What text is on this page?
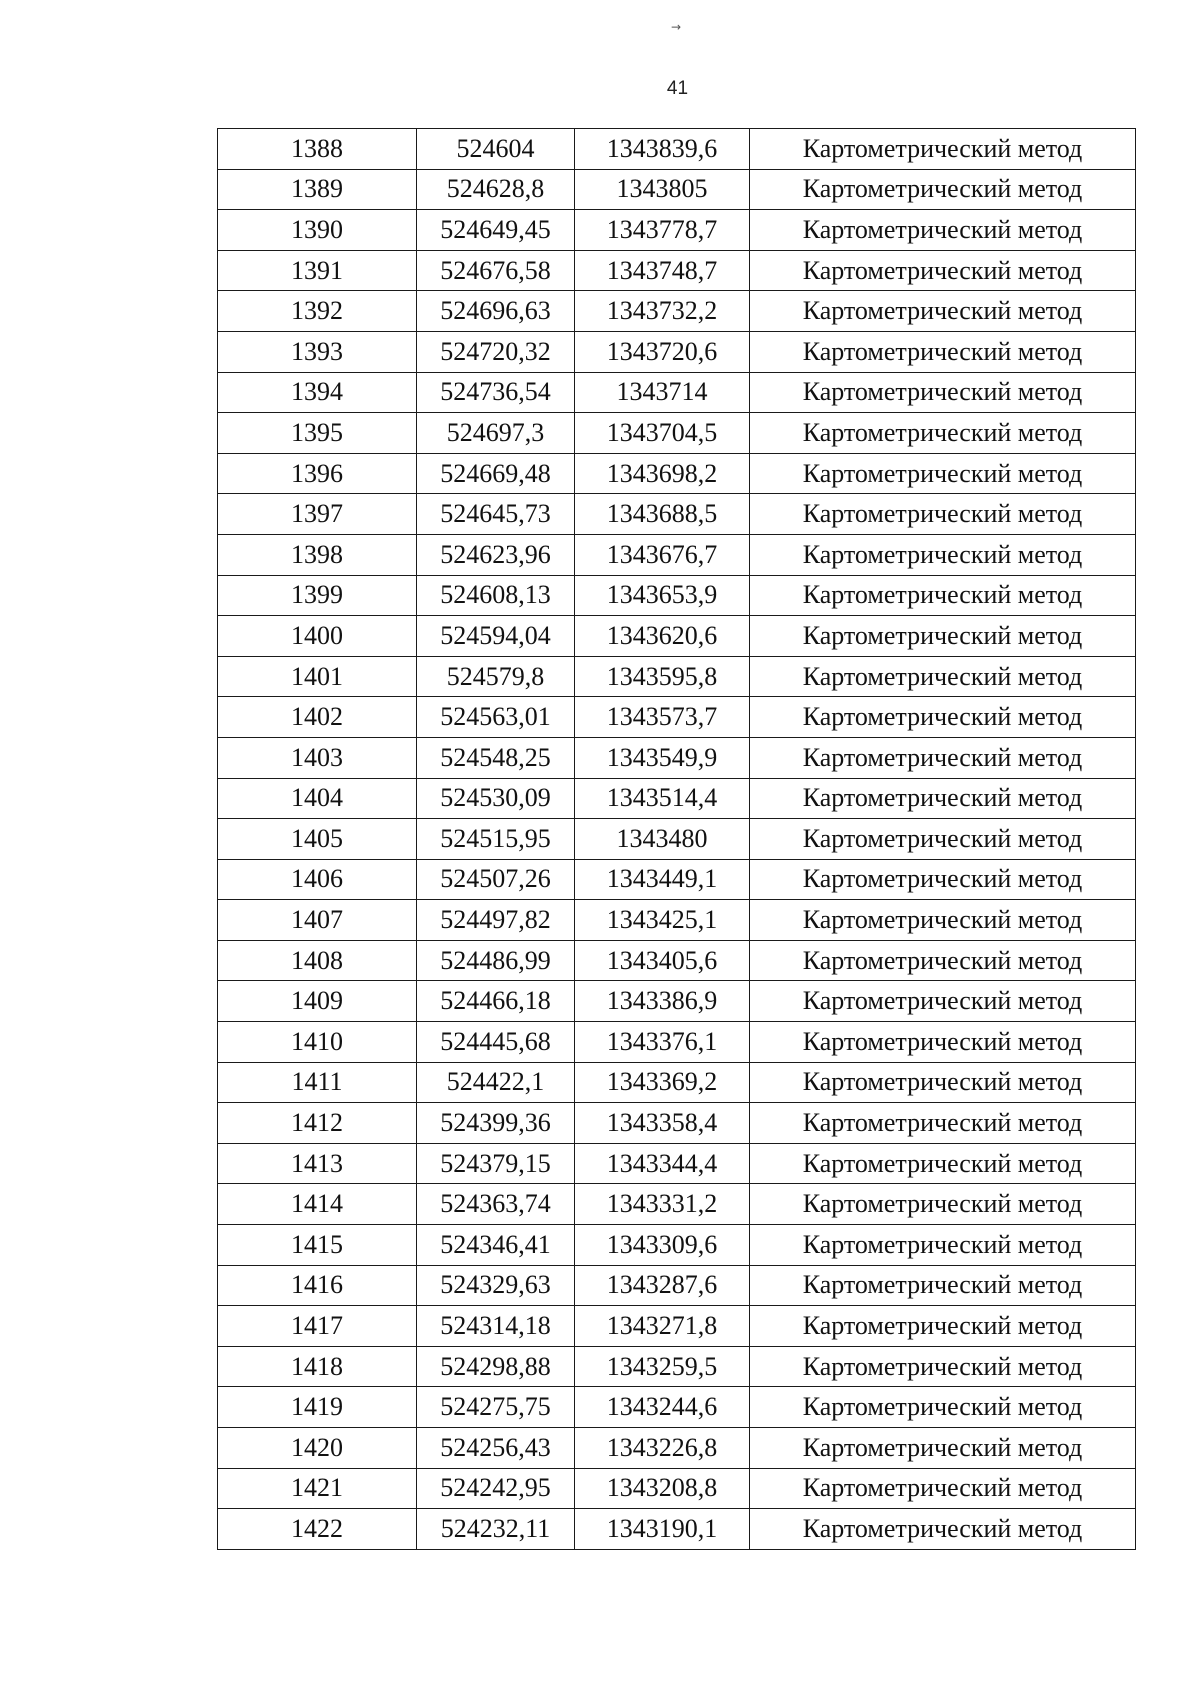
→
41
1388	524604	1343839,6	Картометрический метод
1389	524628,8	1343805	Картометрический метод
1390	524649,45	1343778,7	Картометрический метод
1391	524676,58	1343748,7	Картометрический метод
1392	524696,63	1343732,2	Картометрический метод
1393	524720,32	1343720,6	Картометрический метод
1394	524736,54	1343714	Картометрический метод
1395	524697,3	1343704,5	Картометрический метод
1396	524669,48	1343698,2	Картометрический метод
1397	524645,73	1343688,5	Картометрический метод
1398	524623,96	1343676,7	Картометрический метод
1399	524608,13	1343653,9	Картометрический метод
1400	524594,04	1343620,6	Картометрический метод
1401	524579,8	1343595,8	Картометрический метод
1402	524563,01	1343573,7	Картометрический метод
1403	524548,25	1343549,9	Картометрический метод
1404	524530,09	1343514,4	Картометрический метод
1405	524515,95	1343480	Картометрический метод
1406	524507,26	1343449,1	Картометрический метод
1407	524497,82	1343425,1	Картометрический метод
1408	524486,99	1343405,6	Картометрический метод
1409	524466,18	1343386,9	Картометрический метод
1410	524445,68	1343376,1	Картометрический метод
1411	524422,1	1343369,2	Картометрический метод
1412	524399,36	1343358,4	Картометрический метод
1413	524379,15	1343344,4	Картометрический метод
1414	524363,74	1343331,2	Картометрический метод
1415	524346,41	1343309,6	Картометрический метод
1416	524329,63	1343287,6	Картометрический метод
1417	524314,18	1343271,8	Картометрический метод
1418	524298,88	1343259,5	Картометрический метод
1419	524275,75	1343244,6	Картометрический метод
1420	524256,43	1343226,8	Картометрический метод
1421	524242,95	1343208,8	Картометрический метод
1422	524232,11	1343190,1	Картометрический метод
